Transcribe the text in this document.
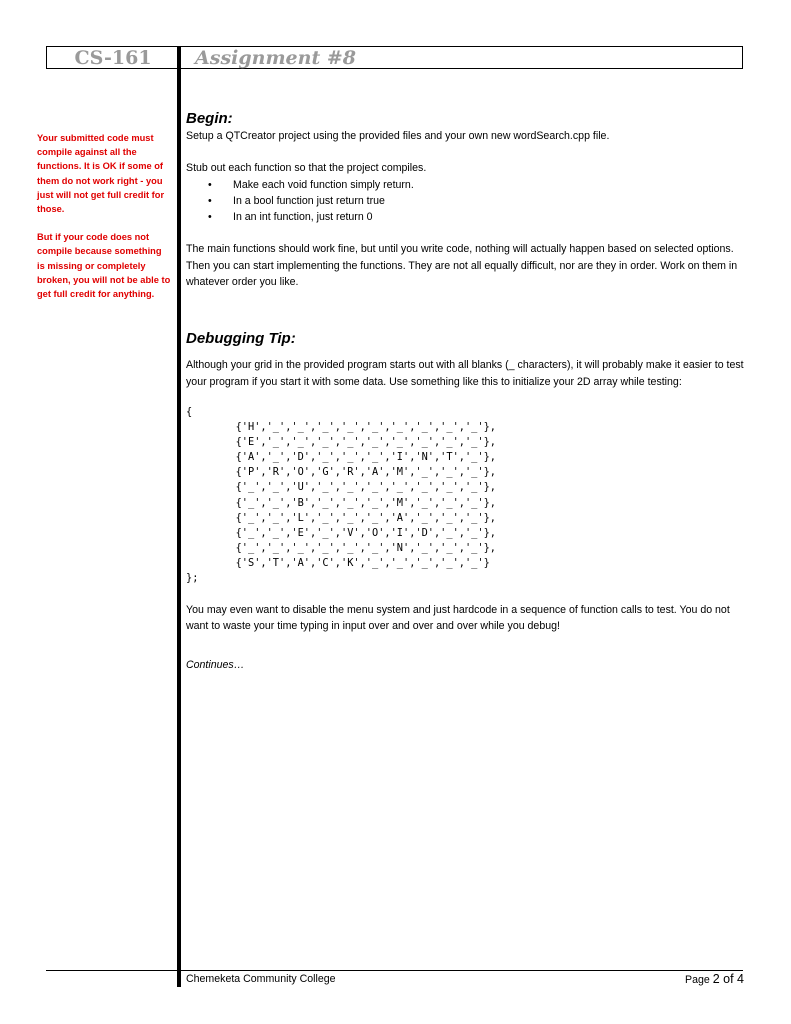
CS-161	Assignment #8

Your submitted code must compile against all the functions. It is OK if some of them do not work right - you just will not get full credit for those.

But if your code does not compile because something is missing or completely broken, you will not be able to get full credit for anything.

Begin:

Setup a QTCreator project using the provided files and your own new wordSearch.cpp file.

Stub out each function so that the project compiles.

• Make each void function simply return.
• In a bool function just return true
• In an int function, just return 0

The main functions should work fine, but until you write code, nothing will actually happen based on selected options. Then you can start implementing the functions. They are not all equally difficult, nor are they in order. Work on them in whatever order you like.

Debugging Tip:

Although your grid in the provided program starts out with all blanks (_ characters), it will probably make it easier to test your program if you start it with some data. Use something like this to initialize your 2D array while testing:

{
{'H','_','_','_','_','_','_','_','_','_'},
{'E','_','_','_','_','_','_','_','_','_'},
{'A','_','D','_','_','_','I','N','T','_'},
{'P','R','O','G','R','A','M','_','_','_'},
{'_','_','U','_','_','_','_','_','_','_'},
{'_','_','B','_','_','_','M','_','_','_'},
{'_','_','L','_','_','_','A','_','_','_'},
{'_','_','E','_','V','O','I','D','_','_'},
{'_','_','_','_','_','_','N','_','_','_'},
{'S','T','A','C','K','_','_','_','_','_'}
};

You may even want to disable the menu system and just hardcode in a sequence of function calls to test. You do not want to waste your time typing in input over and over and over while you debug!

Continues…

Chemeketa Community College	Page 2 of 4
